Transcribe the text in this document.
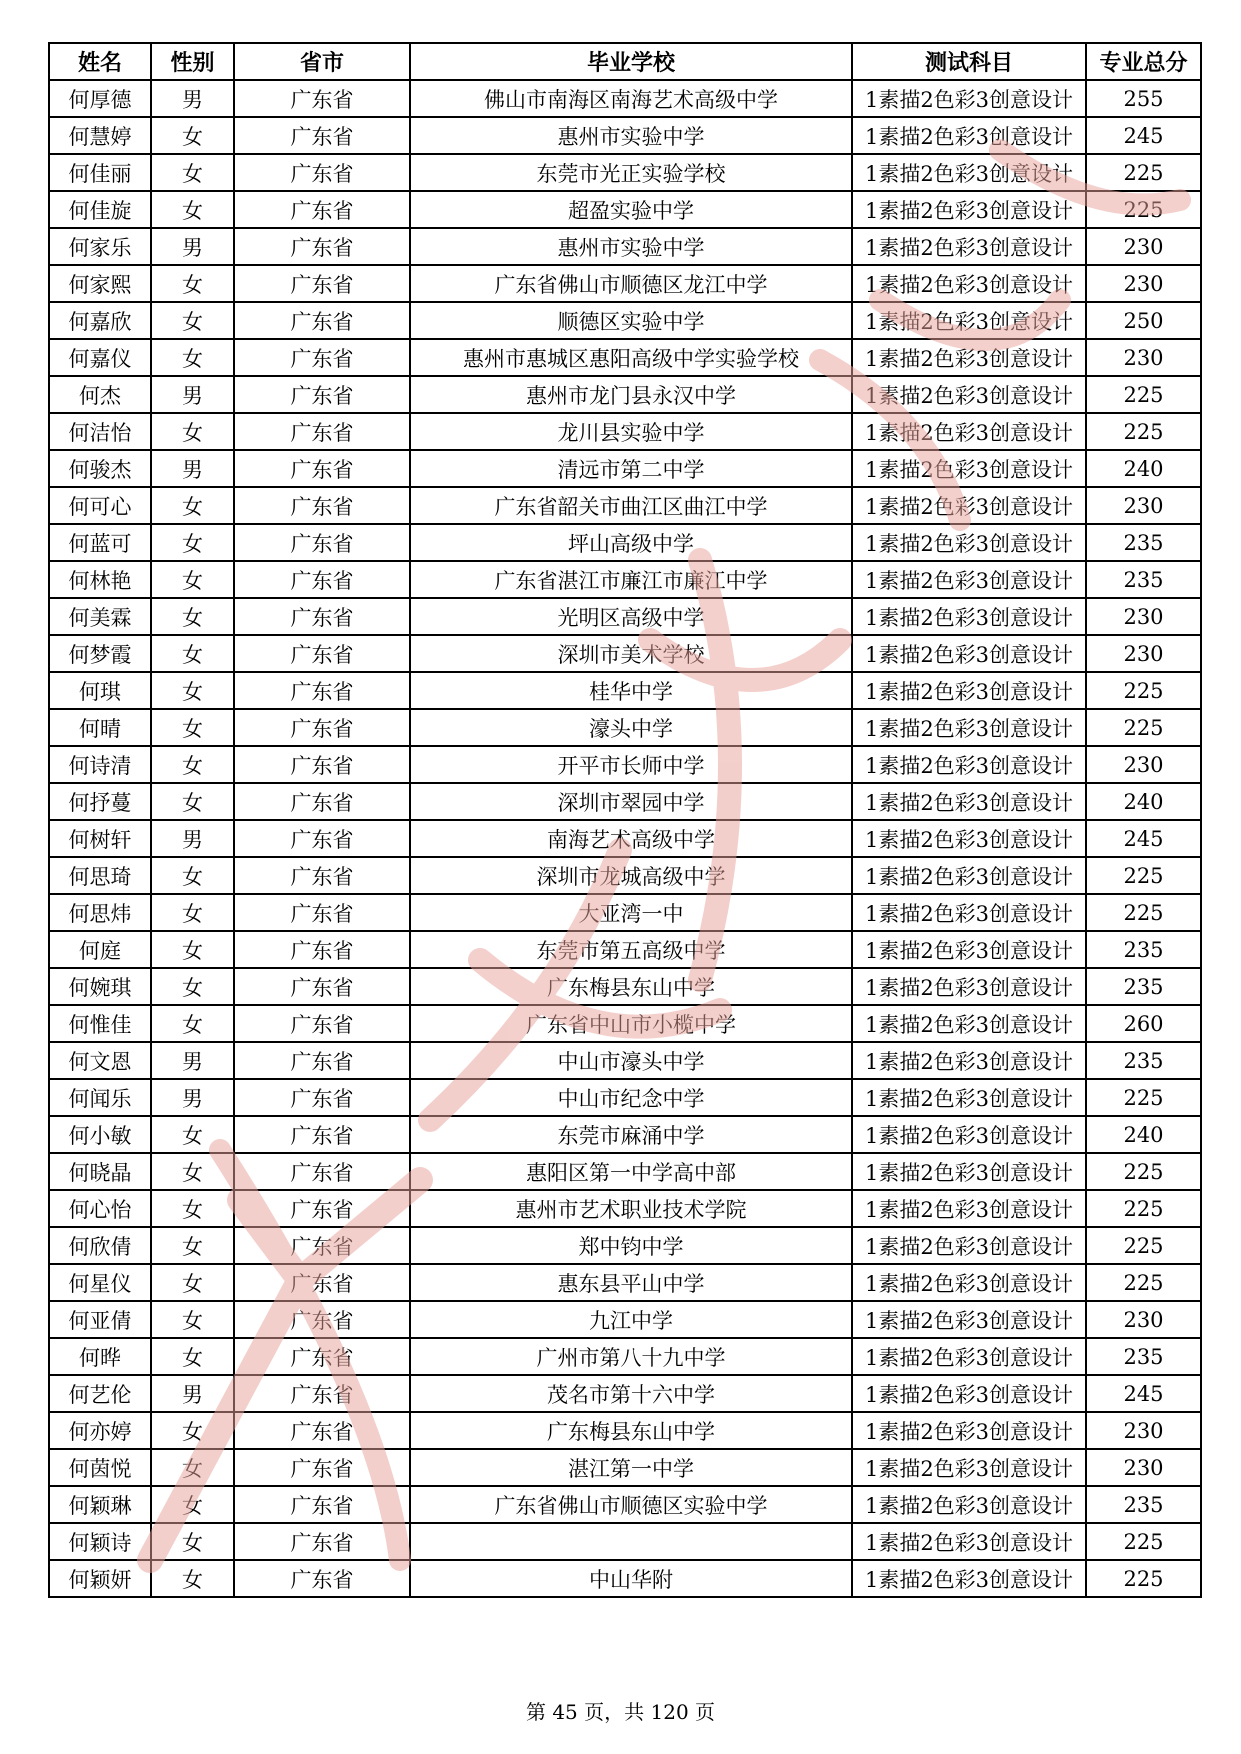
姓名	性别	省市	毕业学校	测试科目	专业总分
何厚德	男	广东省	佛山市南海区南海艺术高级中学	1素描2色彩3创意设计	255
何慧婷	女	广东省	惠州市实验中学	1素描2色彩3创意设计	245
何佳丽	女	广东省	东莞市光正实验学校	1素描2色彩3创意设计	225
何佳旋	女	广东省	超盈实验中学	1素描2色彩3创意设计	225
何家乐	男	广东省	惠州市实验中学	1素描2色彩3创意设计	230
何家熙	女	广东省	广东省佛山市顺德区龙江中学	1素描2色彩3创意设计	230
何嘉欣	女	广东省	顺德区实验中学	1素描2色彩3创意设计	250
何嘉仪	女	广东省	惠州市惠城区惠阳高级中学实验学校	1素描2色彩3创意设计	230
何杰	男	广东省	惠州市龙门县永汉中学	1素描2色彩3创意设计	225
何洁怡	女	广东省	龙川县实验中学	1素描2色彩3创意设计	225
何骏杰	男	广东省	清远市第二中学	1素描2色彩3创意设计	240
何可心	女	广东省	广东省韶关市曲江区曲江中学	1素描2色彩3创意设计	230
何蓝可	女	广东省	坪山高级中学	1素描2色彩3创意设计	235
何林艳	女	广东省	广东省湛江市廉江市廉江中学	1素描2色彩3创意设计	235
何美霖	女	广东省	光明区高级中学	1素描2色彩3创意设计	230
何梦霞	女	广东省	深圳市美术学校	1素描2色彩3创意设计	230
何琪	女	广东省	桂华中学	1素描2色彩3创意设计	225
何晴	女	广东省	濠头中学	1素描2色彩3创意设计	225
何诗清	女	广东省	开平市长师中学	1素描2色彩3创意设计	230
何抒蔓	女	广东省	深圳市翠园中学	1素描2色彩3创意设计	240
何树轩	男	广东省	南海艺术高级中学	1素描2色彩3创意设计	245
何思琦	女	广东省	深圳市龙城高级中学	1素描2色彩3创意设计	225
何思炜	女	广东省	大亚湾一中	1素描2色彩3创意设计	225
何庭	女	广东省	东莞市第五高级中学	1素描2色彩3创意设计	235
何婉琪	女	广东省	广东梅县东山中学	1素描2色彩3创意设计	235
何惟佳	女	广东省	广东省中山市小榄中学	1素描2色彩3创意设计	260
何文恩	男	广东省	中山市濠头中学	1素描2色彩3创意设计	235
何闻乐	男	广东省	中山市纪念中学	1素描2色彩3创意设计	225
何小敏	女	广东省	东莞市麻涌中学	1素描2色彩3创意设计	240
何晓晶	女	广东省	惠阳区第一中学高中部	1素描2色彩3创意设计	225
何心怡	女	广东省	惠州市艺术职业技术学院	1素描2色彩3创意设计	225
何欣倩	女	广东省	郑中钧中学	1素描2色彩3创意设计	225
何星仪	女	广东省	惠东县平山中学	1素描2色彩3创意设计	225
何亚倩	女	广东省	九江中学	1素描2色彩3创意设计	230
何晔	女	广东省	广州市第八十九中学	1素描2色彩3创意设计	235
何艺伦	男	广东省	茂名市第十六中学	1素描2色彩3创意设计	245
何亦婷	女	广东省	广东梅县东山中学	1素描2色彩3创意设计	230
何茵悦	女	广东省	湛江第一中学	1素描2色彩3创意设计	230
何颖琳	女	广东省	广东省佛山市顺德区实验中学	1素描2色彩3创意设计	235
何颖诗	女	广东省		1素描2色彩3创意设计	225
何颖妍	女	广东省	中山华附	1素描2色彩3创意设计	225
第 45 页，共 120 页
